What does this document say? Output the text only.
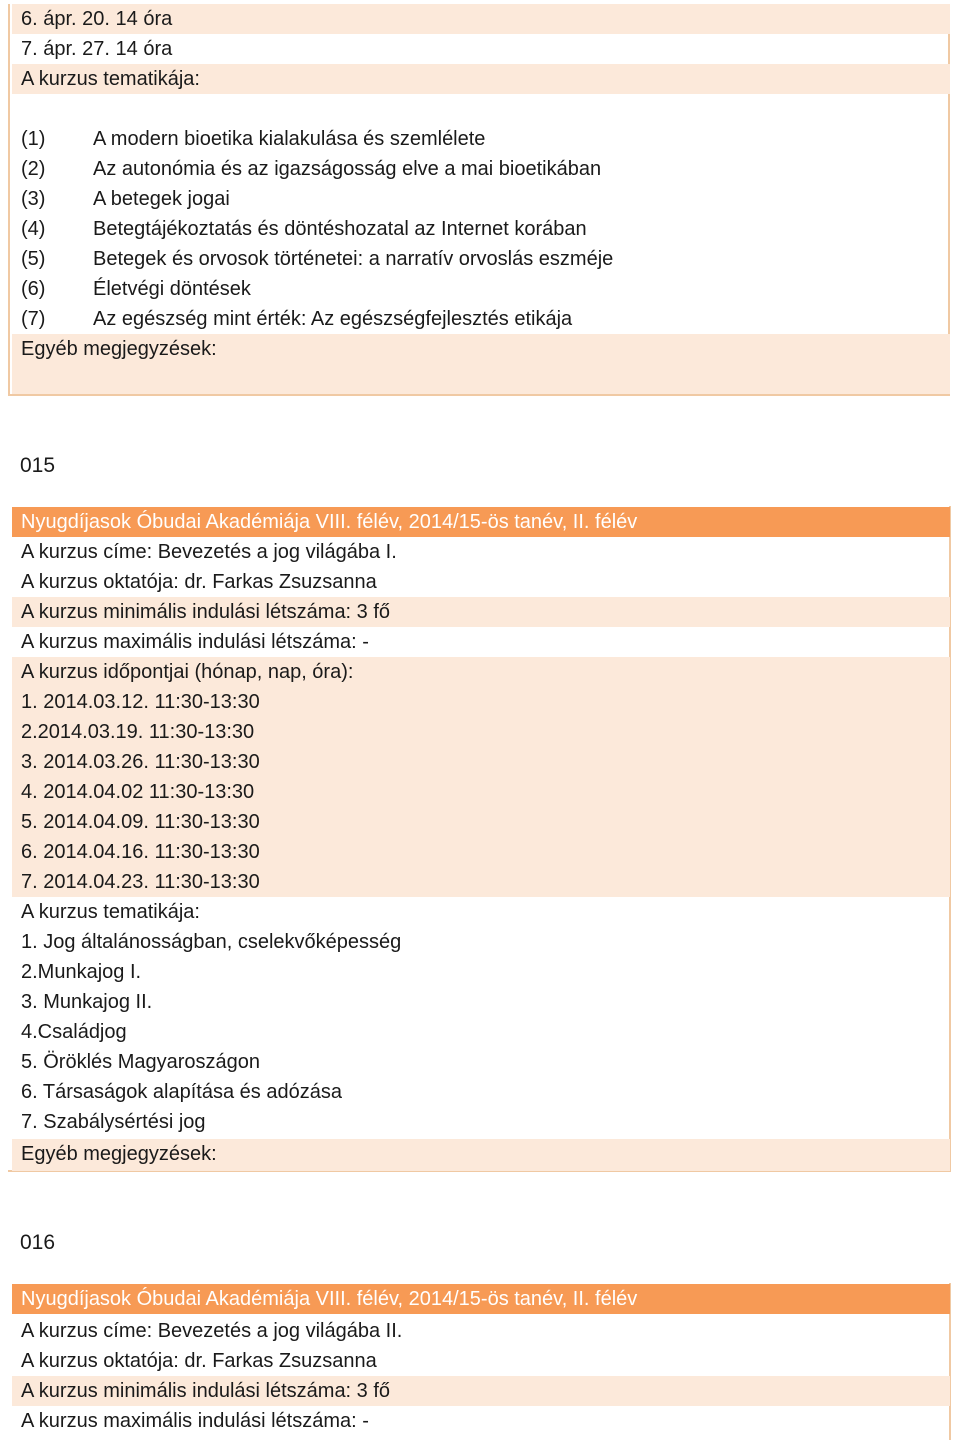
6. ápr. 20. 14 óra
7. ápr. 27. 14 óra
A kurzus tematikája:
(1) A modern bioetika kialakulása és szemlélete
(2) Az autonómia és az igazságosság elve a mai bioetikában
(3) A betegek jogai
(4) Betegtájékoztatás és döntéshozatal az Internet korában
(5) Betegek és orvosok történetei: a narratív orvoslás eszméje
(6) Életvégi döntések
(7) Az egészség mint érték: Az egészségfejlesztés etikája
Egyéb megjegyzések:
015
Nyugdíjasok Óbudai Akadémiája VIII. félév, 2014/15-ös tanév, II. félév
A kurzus címe: Bevezetés a jog világába I.
A kurzus oktatója: dr. Farkas Zsuzsanna
A kurzus minimális indulási létszáma: 3 fő
A kurzus maximális indulási létszáma: -
A kurzus időpontjai (hónap, nap, óra):
1. 2014.03.12. 11:30-13:30
2.2014.03.19. 11:30-13:30
3. 2014.03.26. 11:30-13:30
4. 2014.04.02 11:30-13:30
5. 2014.04.09. 11:30-13:30
6. 2014.04.16. 11:30-13:30
7. 2014.04.23. 11:30-13:30
A kurzus tematikája:
1. Jog általánosságban, cselekvőképesség
2.Munkajog I.
3. Munkajog II.
4.Családjog
5. Öröklés Magyaroszágon
6. Társaságok alapítása és adózása
7. Szabálysértési jog
Egyéb megjegyzések:
016
Nyugdíjasok Óbudai Akadémiája VIII. félév, 2014/15-ös tanév, II. félév
A kurzus címe: Bevezetés a jog világába II.
A kurzus oktatója: dr. Farkas Zsuzsanna
A kurzus minimális indulási létszáma: 3 fő
A kurzus maximális indulási létszáma: -
